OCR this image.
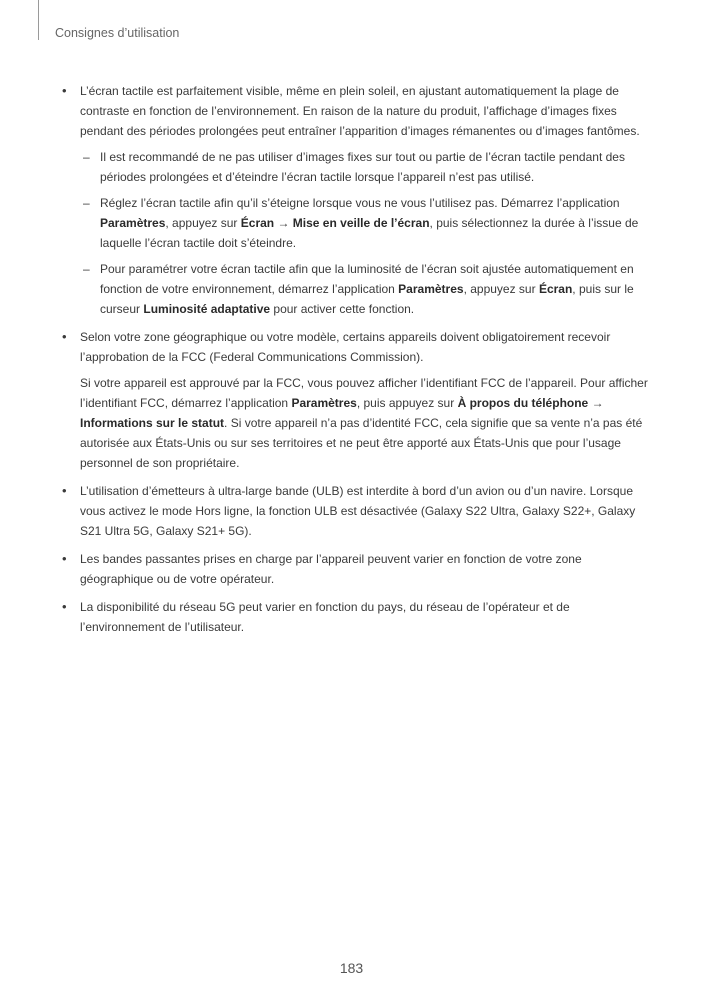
Consignes d’utilisation
• L’écran tactile est parfaitement visible, même en plein soleil, en ajustant automatiquement la plage de contraste en fonction de l’environnement. En raison de la nature du produit, l’affichage d’images fixes pendant des périodes prolongées peut entraîner l’apparition d’images rémanentes ou d’images fantômes.
– Il est recommandé de ne pas utiliser d’images fixes sur tout ou partie de l’écran tactile pendant des périodes prolongées et d’éteindre l’écran tactile lorsque l’appareil n’est pas utilisé.
– Réglez l’écran tactile afin qu’il s’éteigne lorsque vous ne vous l’utilisez pas. Démarrez l’application Paramètres, appuyez sur Écran → Mise en veille de l’écran, puis sélectionnez la durée à l’issue de laquelle l’écran tactile doit s’éteindre.
– Pour paramétrer votre écran tactile afin que la luminosité de l’écran soit ajustée automatiquement en fonction de votre environnement, démarrez l’application Paramètres, appuyez sur Écran, puis sur le curseur Luminosité adaptative pour activer cette fonction.
• Selon votre zone géographique ou votre modèle, certains appareils doivent obligatoirement recevoir l’approbation de la FCC (Federal Communications Commission).
Si votre appareil est approuvé par la FCC, vous pouvez afficher l’identifiant FCC de l’appareil. Pour afficher l’identifiant FCC, démarrez l’application Paramètres, puis appuyez sur À propos du téléphone → Informations sur le statut. Si votre appareil n’a pas d’identité FCC, cela signifie que sa vente n’a pas été autorisée aux États-Unis ou sur ses territoires et ne peut être apporté aux États-Unis que pour l’usage personnel de son propriétaire.
• L’utilisation d’émetteurs à ultra-large bande (ULB) est interdite à bord d’un avion ou d’un navire. Lorsque vous activez le mode Hors ligne, la fonction ULB est désactivée (Galaxy S22 Ultra, Galaxy S22+, Galaxy S21 Ultra 5G, Galaxy S21+ 5G).
• Les bandes passantes prises en charge par l’appareil peuvent varier en fonction de votre zone géographique ou de votre opérateur.
• La disponibilité du réseau 5G peut varier en fonction du pays, du réseau de l’opérateur et de l’environnement de l’utilisateur.
183
